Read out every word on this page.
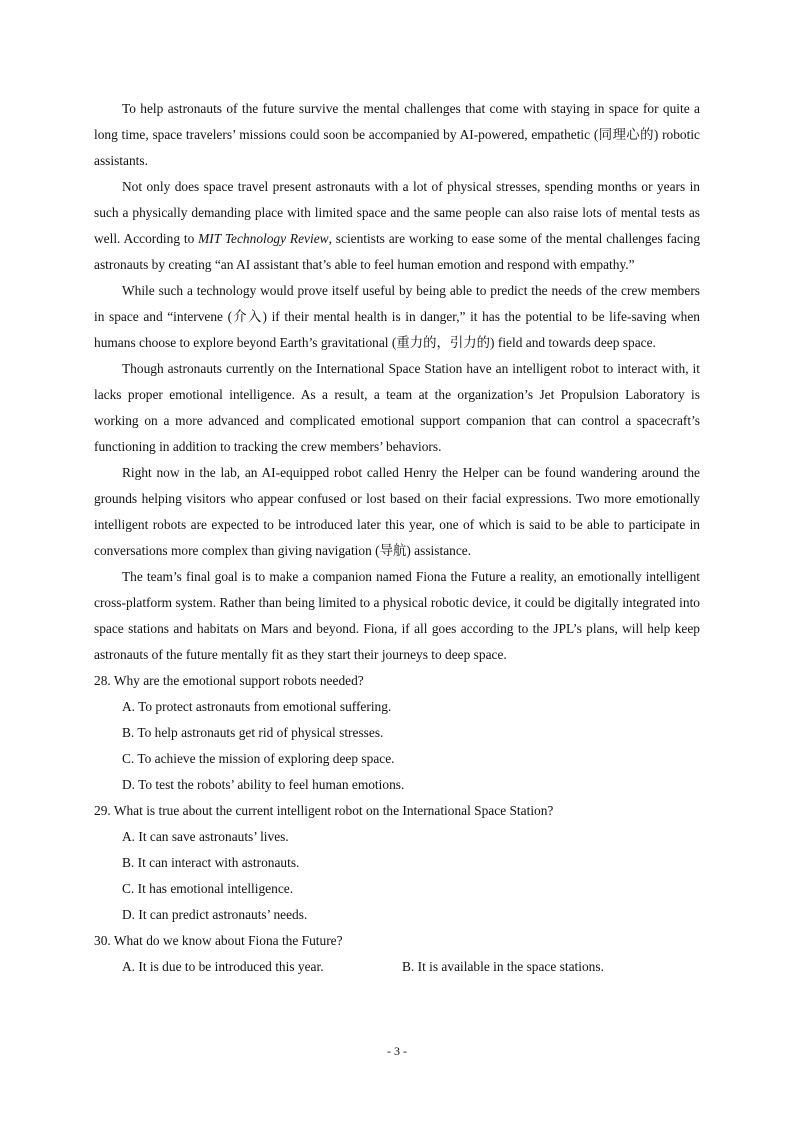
To help astronauts of the future survive the mental challenges that come with staying in space for quite a long time, space travelers’ missions could soon be accompanied by AI-powered, empathetic (同理心的) robotic assistants.

Not only does space travel present astronauts with a lot of physical stresses, spending months or years in such a physically demanding place with limited space and the same people can also raise lots of mental tests as well. According to MIT Technology Review, scientists are working to ease some of the mental challenges facing astronauts by creating “an AI assistant that’s able to feel human emotion and respond with empathy.”

While such a technology would prove itself useful by being able to predict the needs of the crew members in space and “intervene (介入) if their mental health is in danger,” it has the potential to be life-saving when humans choose to explore beyond Earth’s gravitational (重力的，引力的) field and towards deep space.

Though astronauts currently on the International Space Station have an intelligent robot to interact with, it lacks proper emotional intelligence. As a result, a team at the organization’s Jet Propulsion Laboratory is working on a more advanced and complicated emotional support companion that can control a spacecraft’s functioning in addition to tracking the crew members’ behaviors.

Right now in the lab, an AI-equipped robot called Henry the Helper can be found wandering around the grounds helping visitors who appear confused or lost based on their facial expressions. Two more emotionally intelligent robots are expected to be introduced later this year, one of which is said to be able to participate in conversations more complex than giving navigation (导航) assistance.

The team’s final goal is to make a companion named Fiona the Future a reality, an emotionally intelligent cross-platform system. Rather than being limited to a physical robotic device, it could be digitally integrated into space stations and habitats on Mars and beyond. Fiona, if all goes according to the JPL’s plans, will help keep astronauts of the future mentally fit as they start their journeys to deep space.

28. Why are the emotional support robots needed?

A. To protect astronauts from emotional suffering.

B. To help astronauts get rid of physical stresses.

C. To achieve the mission of exploring deep space.

D. To test the robots’ ability to feel human emotions.

29. What is true about the current intelligent robot on the International Space Station?

A. It can save astronauts’ lives.

B. It can interact with astronauts.

C. It has emotional intelligence.

D. It can predict astronauts’ needs.

30. What do we know about Fiona the Future?

A. It is due to be introduced this year.	B. It is available in the space stations.
- 3 -
